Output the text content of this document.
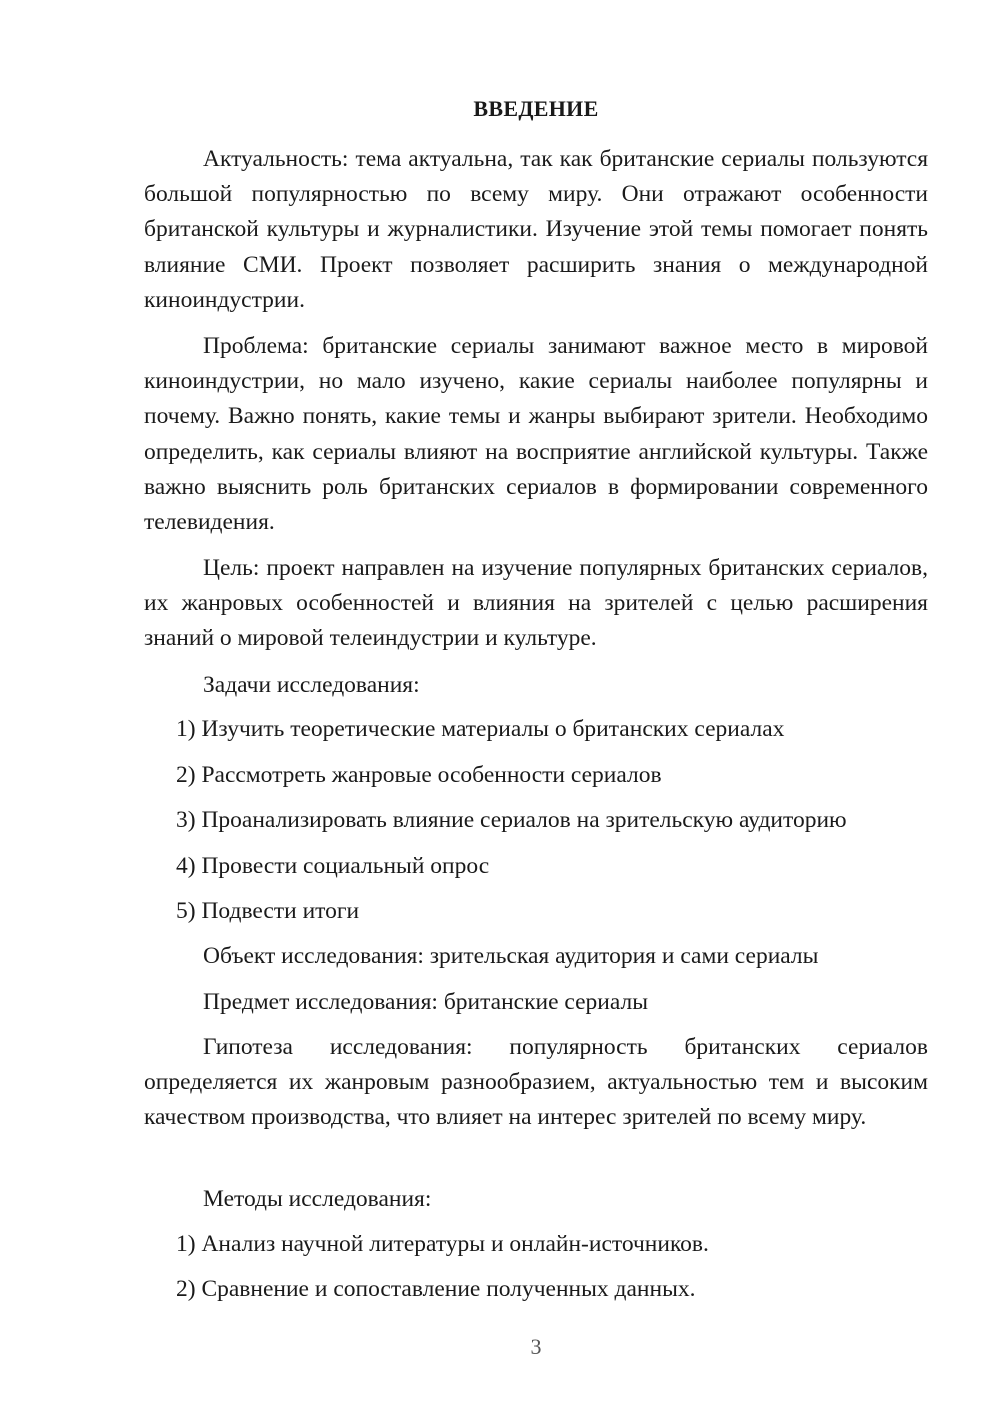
ВВЕДЕНИЕ

Актуальность: тема актуальна, так как британские сериалы пользуются большой популярностью по всему миру. Они отражают особенности британской культуры и журналистики. Изучение этой темы помогает понять влияние СМИ. Проект позволяет расширить знания о международной киноиндустрии.

Проблема: британские сериалы занимают важное место в мировой киноиндустрии, но мало изучено, какие сериалы наиболее популярны и почему. Важно понять, какие темы и жанры выбирают зрители. Необходимо определить, как сериалы влияют на восприятие английской культуры. Также важно выяснить роль британских сериалов в формировании современного телевидения.

Цель: проект направлен на изучение популярных британских сериалов, их жанровых особенностей и влияния на зрителей с целью расширения знаний о мировой телеиндустрии и культуре.

Задачи исследования:

1) Изучить теоретические материалы о британских сериалах

2) Рассмотреть жанровые особенности сериалов

3) Проанализировать влияние сериалов на зрительскую аудиторию

4) Провести социальный опрос

5) Подвести итоги

Объект исследования: зрительская аудитория и сами сериалы

Предмет исследования: британские сериалы

Гипотеза исследования: популярность британских сериалов определяется их жанровым разнообразием, актуальностью тем и высоким качеством производства, что влияет на интерес зрителей по всему миру.

Методы исследования:

1) Анализ научной литературы и онлайн-источников.

2) Сравнение и сопоставление полученных данных.

3
